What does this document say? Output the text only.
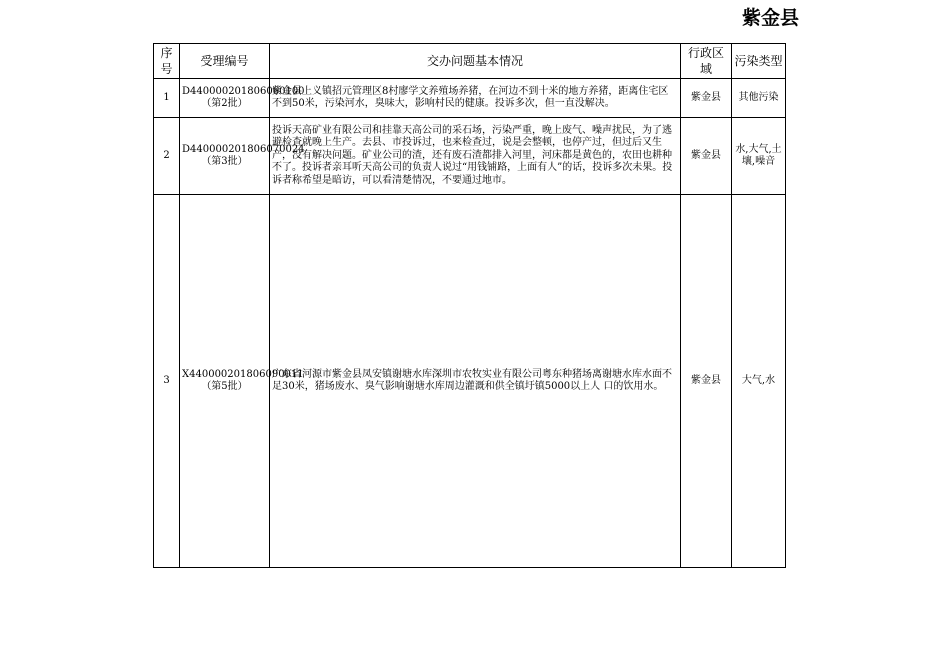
紫金县
序号	受理编号	交办问题基本情况	行政区域	污染类型
1	D440000201806060100（第2批）	紫金县上义镇招元管理区8村廖学文养殖场养猪，在河边不到十米的地方养猪，距离住宅区不到50米，污染河水，臭味大，影响村民的健康。投诉多次，但一直没解决。	紫金县	其他污染
2	D440000201806070024（第3批）	投诉天高矿业有限公司和挂靠天高公司的采石场，污染严重，晚上废气、噪声扰民，为了逃避检查就晚上生产。去县、市投诉过，也来检查过，说是会整顿，也停产过，但过后又生产，没有解决问题。矿业公司的渣，还有废石渣都排入河里，河床都是黄色的，农田也耕种不了。投诉者亲耳听天高公司的负责人说过“用钱铺路，上面有人”的话，投诉多次未果。投诉者称希望是暗访，可以看清楚情况，不要通过地市。	紫金县	水,大气,土壤,噪音
3	X440000201806090011（第5批）	广东省河源市紫金县凤安镇谢塘水库深圳市农牧实业有限公司粤东种猪场离谢塘水库水面不足30米，猪场废水、臭气影响谢塘水库周边灌溉和供全镇圩镇5000以上人 口的饮用水。	紫金县	大气,水
